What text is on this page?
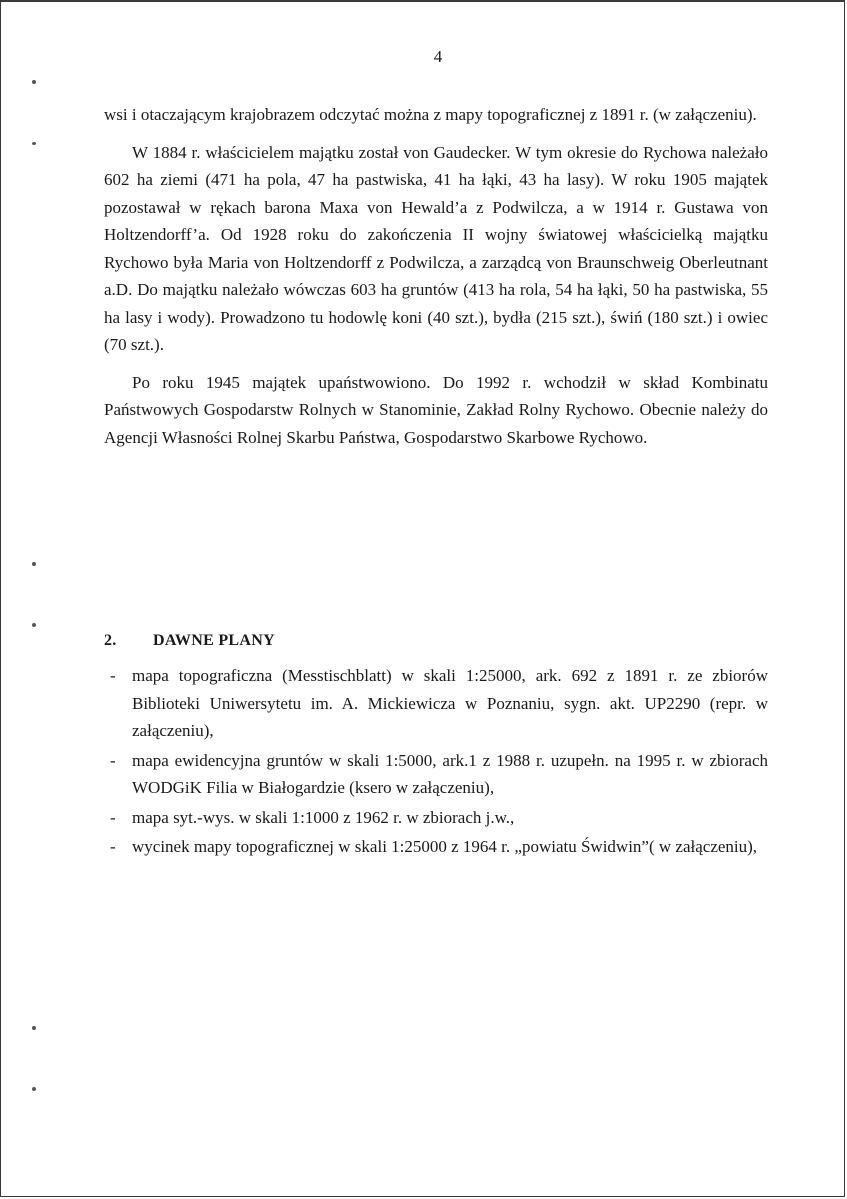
4

wsi i otaczającym krajobrazem odczytać można z mapy topograficznej z 1891 r. (w załączeniu).

W 1884 r. właścicielem majątku został von Gaudecker. W tym okresie do Rychowa należało 602 ha ziemi (471 ha pola, 47 ha pastwiska, 41 ha łąki, 43 ha lasy). W roku 1905 majątek pozostawał w rękach barona Maxa von Hewald’a z Podwilcza, a w 1914 r. Gustawa von Holtzendorff’a. Od 1928 roku do zakończenia II wojny światowej właścicielką majątku Rychowo była Maria von Holtzendorff z Podwilcza, a zarządcą von Braunschweig Oberleutnant a.D. Do majątku należało wówczas 603 ha gruntów (413 ha rola, 54 ha łąki, 50 ha pastwiska, 55 ha lasy i wody). Prowadzono tu hodowlę koni (40 szt.), bydła (215 szt.), świń (180 szt.) i owiec (70 szt.).

Po roku 1945 majątek upaństwowiono. Do 1992 r. wchodził w skład Kombinatu Państwowych Gospodarstw Rolnych w Stanominie, Zakład Rolny Rychowo. Obecnie należy do Agencji Własności Rolnej Skarbu Państwa, Gospodarstwo Skarbowe Rychowo.

2. DAWNE PLANY
- mapa topograficzna (Messtischblatt) w skali 1:25000, ark. 692 z 1891 r. ze zbiorów Biblioteki Uniwersytetu im. A. Mickiewicza w Poznaniu, sygn. akt. UP2290 (repr. w załączeniu),
- mapa ewidencyjna gruntów w skali 1:5000, ark.1 z 1988 r. uzupełn. na 1995 r. w zbiorach WODGiK Filia w Białogardzie (ksero w załączeniu),
- mapa syt.-wys. w skali 1:1000 z 1962 r. w zbiorach j.w.,
- wycinek mapy topograficznej w skali 1:25000 z 1964 r. „powiatu Świdwin”( w załączeniu),
